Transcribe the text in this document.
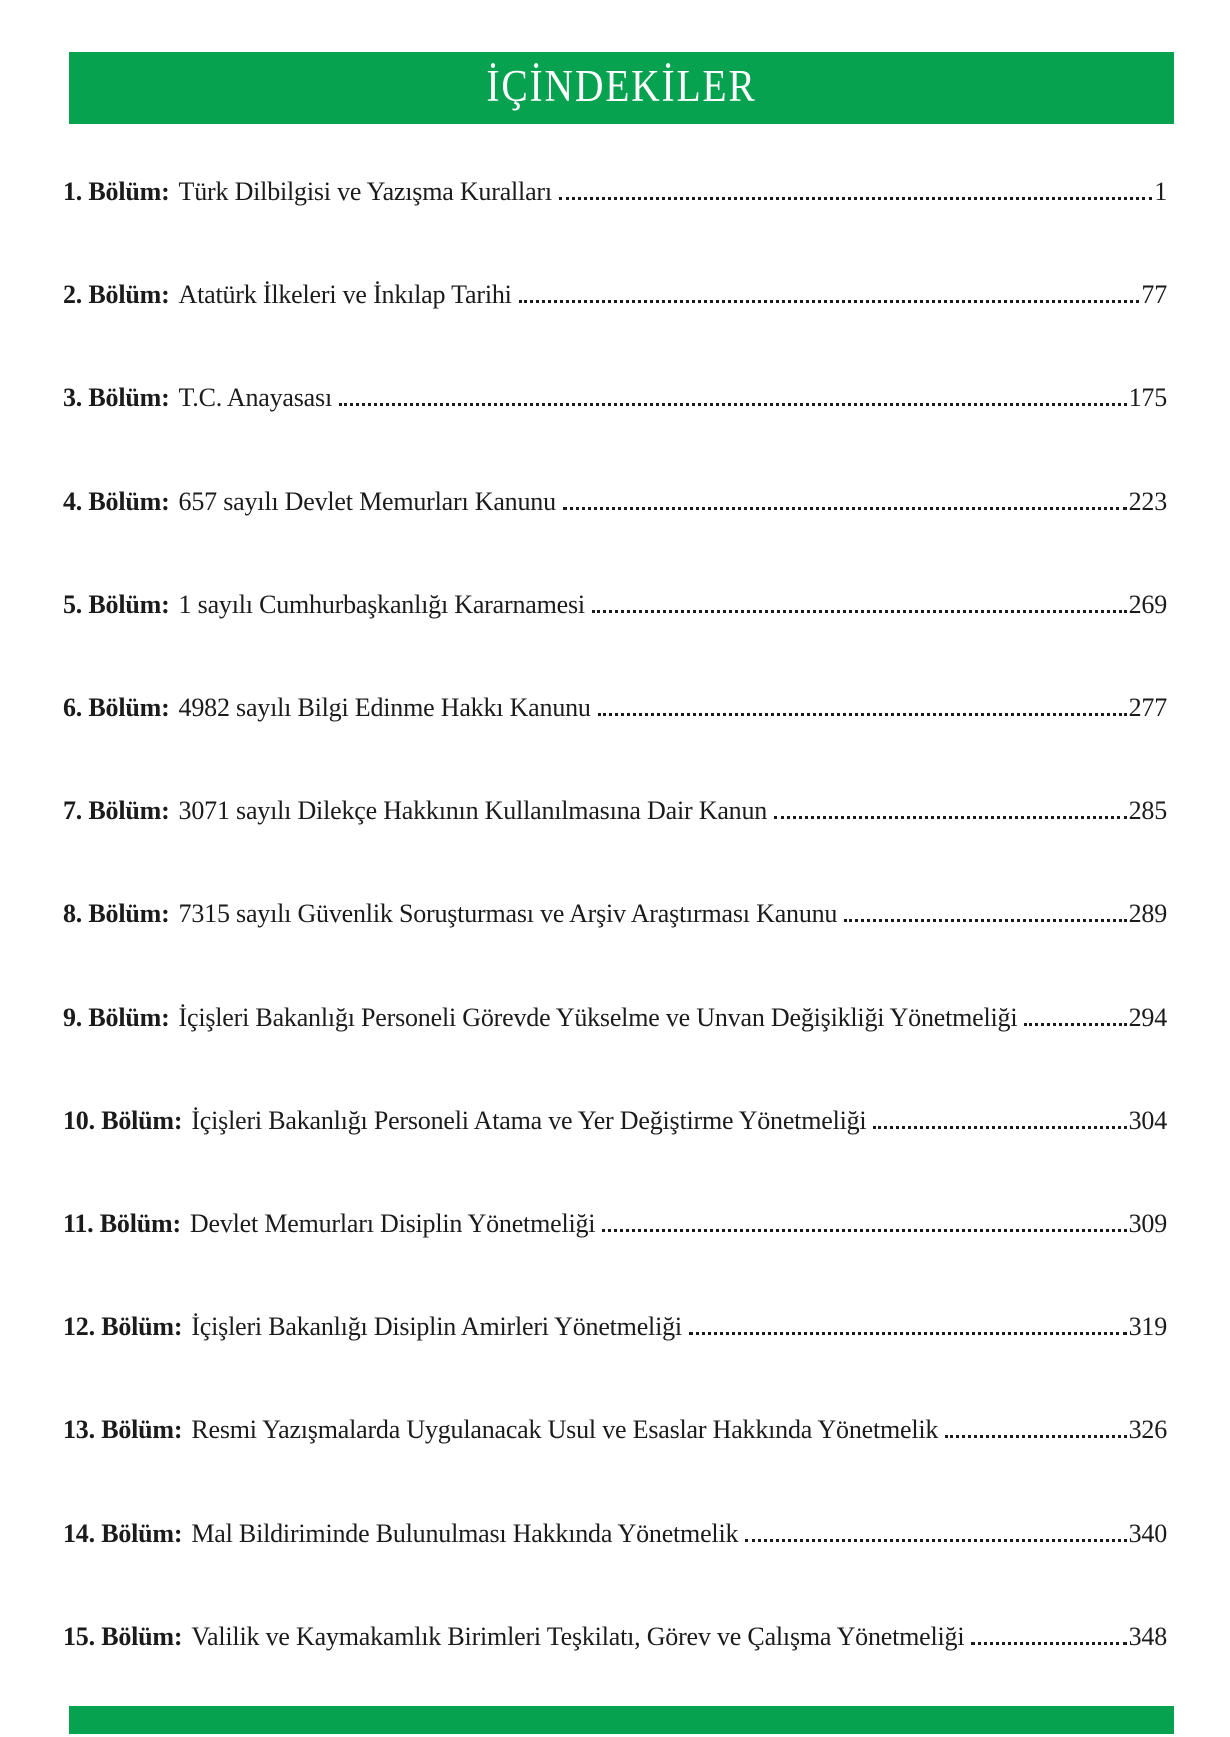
İÇİNDEKİLER
1. Bölüm: Türk Dilbilgisi ve Yazışma Kuralları	1
2. Bölüm: Atatürk İlkeleri ve İnkılap Tarihi	77
3. Bölüm: T.C. Anayasası	175
4. Bölüm: 657 sayılı Devlet Memurları Kanunu	223
5. Bölüm: 1 sayılı Cumhurbaşkanlığı Kararnamesi	269
6. Bölüm: 4982 sayılı Bilgi Edinme Hakkı Kanunu	277
7. Bölüm: 3071 sayılı Dilekçe Hakkının Kullanılmasına Dair Kanun	285
8. Bölüm: 7315 sayılı Güvenlik Soruşturması ve Arşiv Araştırması Kanunu	289
9. Bölüm: İçişleri Bakanlığı Personeli Görevde Yükselme ve Unvan Değişikliği Yönetmeliği	294
10. Bölüm: İçişleri Bakanlığı Personeli Atama ve Yer Değiştirme Yönetmeliği	304
11. Bölüm: Devlet Memurları Disiplin Yönetmeliği	309
12. Bölüm: İçişleri Bakanlığı Disiplin Amirleri Yönetmeliği	319
13. Bölüm: Resmi Yazışmalarda Uygulanacak Usul ve Esaslar Hakkında Yönetmelik	326
14. Bölüm: Mal Bildiriminde Bulunulması Hakkında Yönetmelik	340
15. Bölüm: Valilik ve Kaymakamlık Birimleri Teşkilatı, Görev ve Çalışma Yönetmeliği	348
